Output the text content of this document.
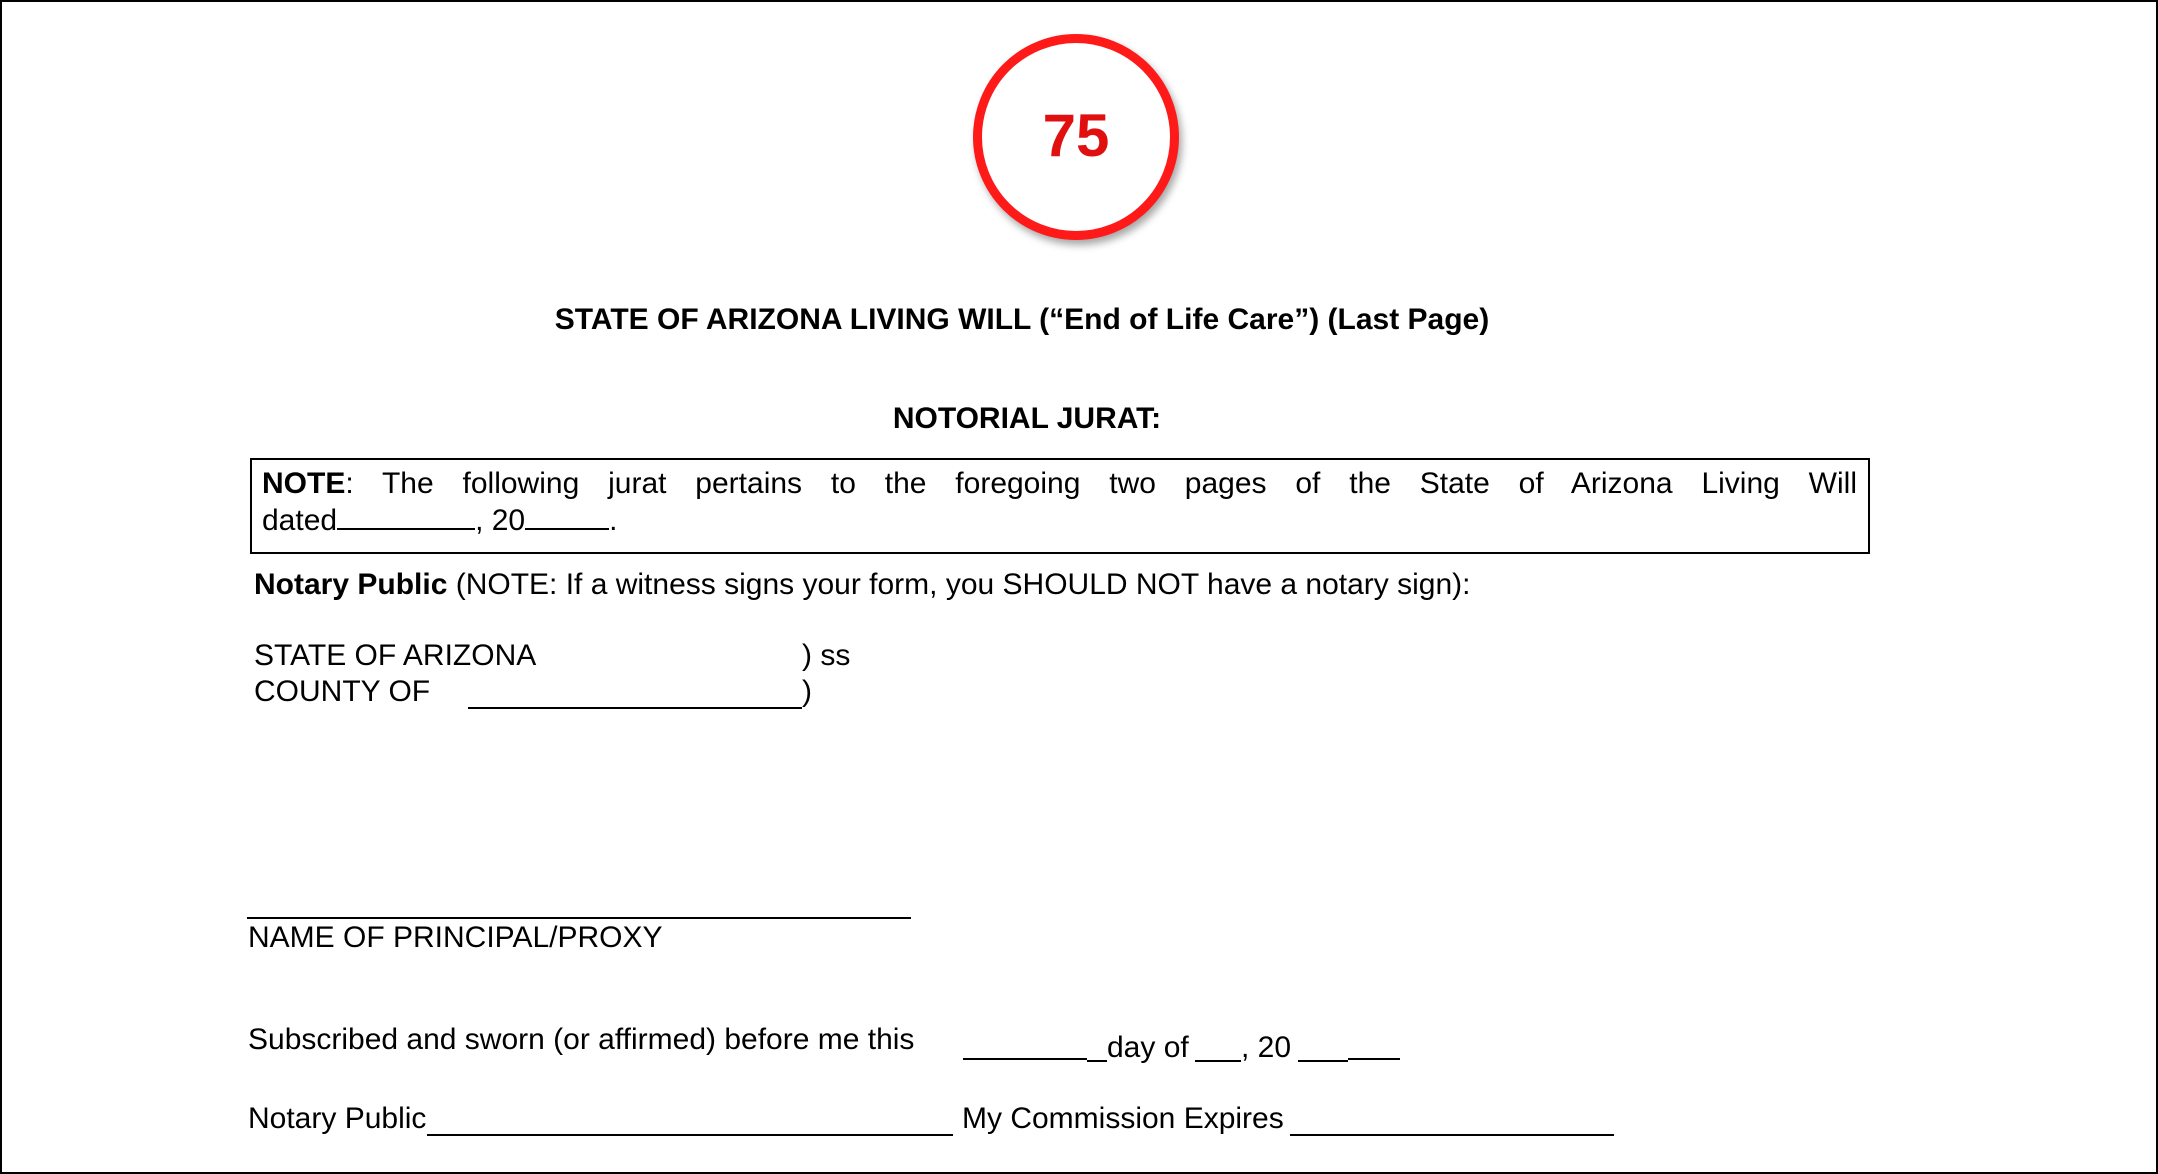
75
STATE OF ARIZONA LIVING WILL (“End of Life Care”) (Last Page)
NOTORIAL JURAT:
NOTE: The following jurat pertains to the foregoing two pages of the State of Arizona Living Will
dated	, 20	.
Notary Public (NOTE: If a witness signs your form, you SHOULD NOT have a notary sign):
STATE OF ARIZONA	) ss
COUNTY OF	)
NAME OF PRINCIPAL/PROXY
Subscribed and sworn (or affirmed) before me this	day of , 20
Notary Public	My Commission Expires
